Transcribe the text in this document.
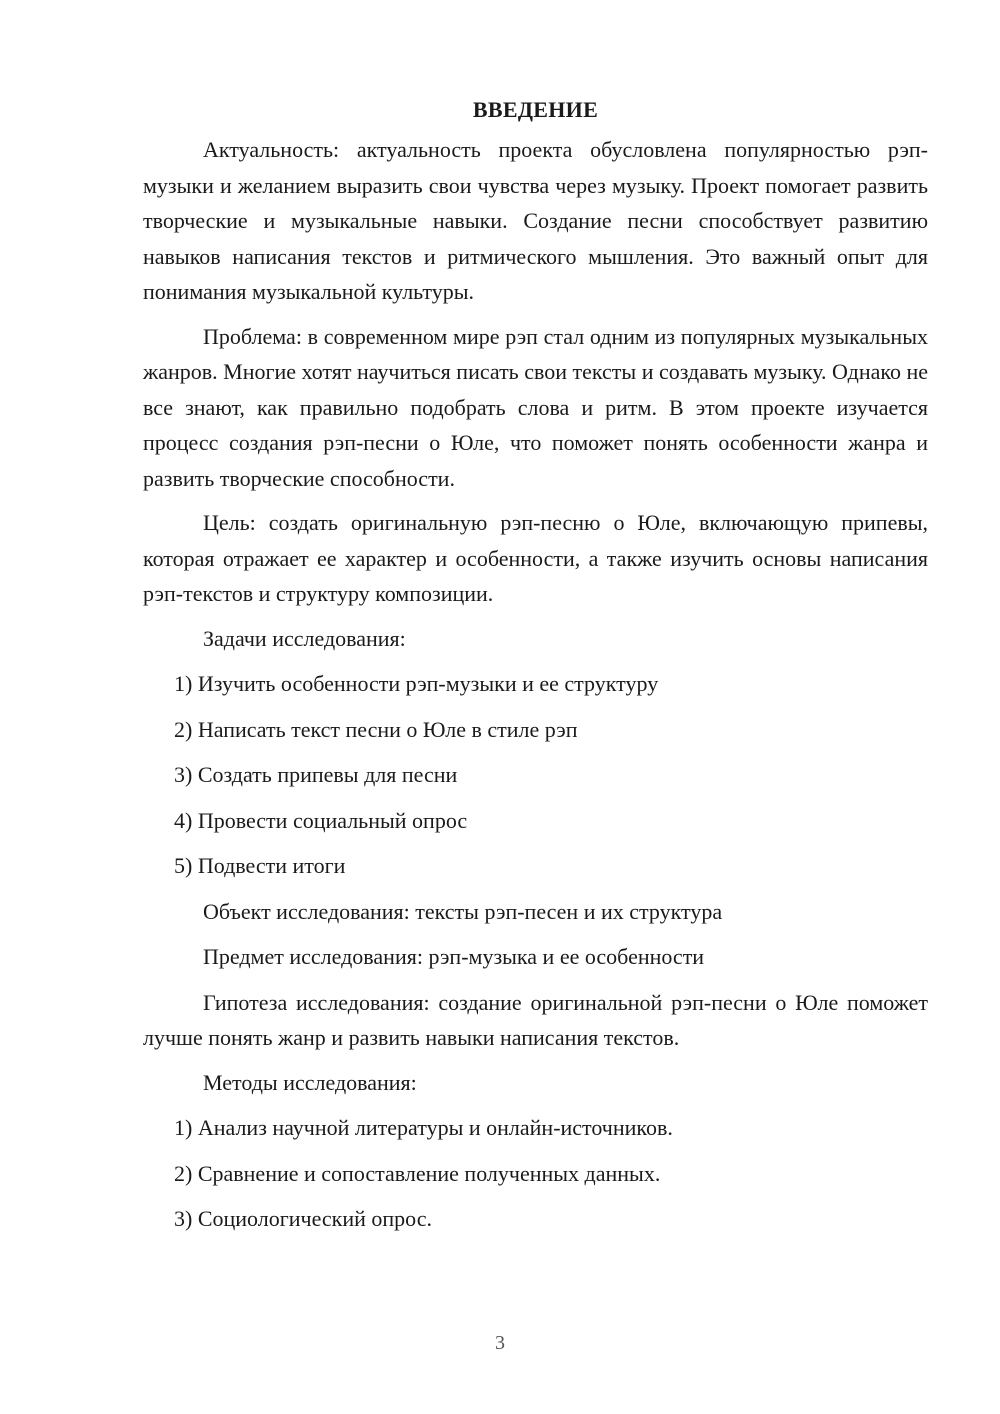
ВВЕДЕНИЕ

Актуальность: актуальность проекта обусловлена популярностью рэп-музыки и желанием выразить свои чувства через музыку. Проект помогает развить творческие и музыкальные навыки. Создание песни способствует развитию навыков написания текстов и ритмического мышления. Это важный опыт для понимания музыкальной культуры.

Проблема: в современном мире рэп стал одним из популярных музыкальных жанров. Многие хотят научиться писать свои тексты и создавать музыку. Однако не все знают, как правильно подобрать слова и ритм. В этом проекте изучается процесс создания рэп-песни о Юле, что поможет понять особенности жанра и развить творческие способности.

Цель: создать оригинальную рэп-песню о Юле, включающую припевы, которая отражает ее характер и особенности, а также изучить основы написания рэп-текстов и структуру композиции.

Задачи исследования:
1) Изучить особенности рэп-музыки и ее структуру
2) Написать текст песни о Юле в стиле рэп
3) Создать припевы для песни
4) Провести социальный опрос
5) Подвести итоги
Объект исследования: тексты рэп-песен и их структура
Предмет исследования: рэп-музыка и ее особенности

Гипотеза исследования: создание оригинальной рэп-песни о Юле поможет лучше понять жанр и развить навыки написания текстов.

Методы исследования:
1) Анализ научной литературы и онлайн-источников.
2) Сравнение и сопоставление полученных данных.
3) Социологический опрос.
3
